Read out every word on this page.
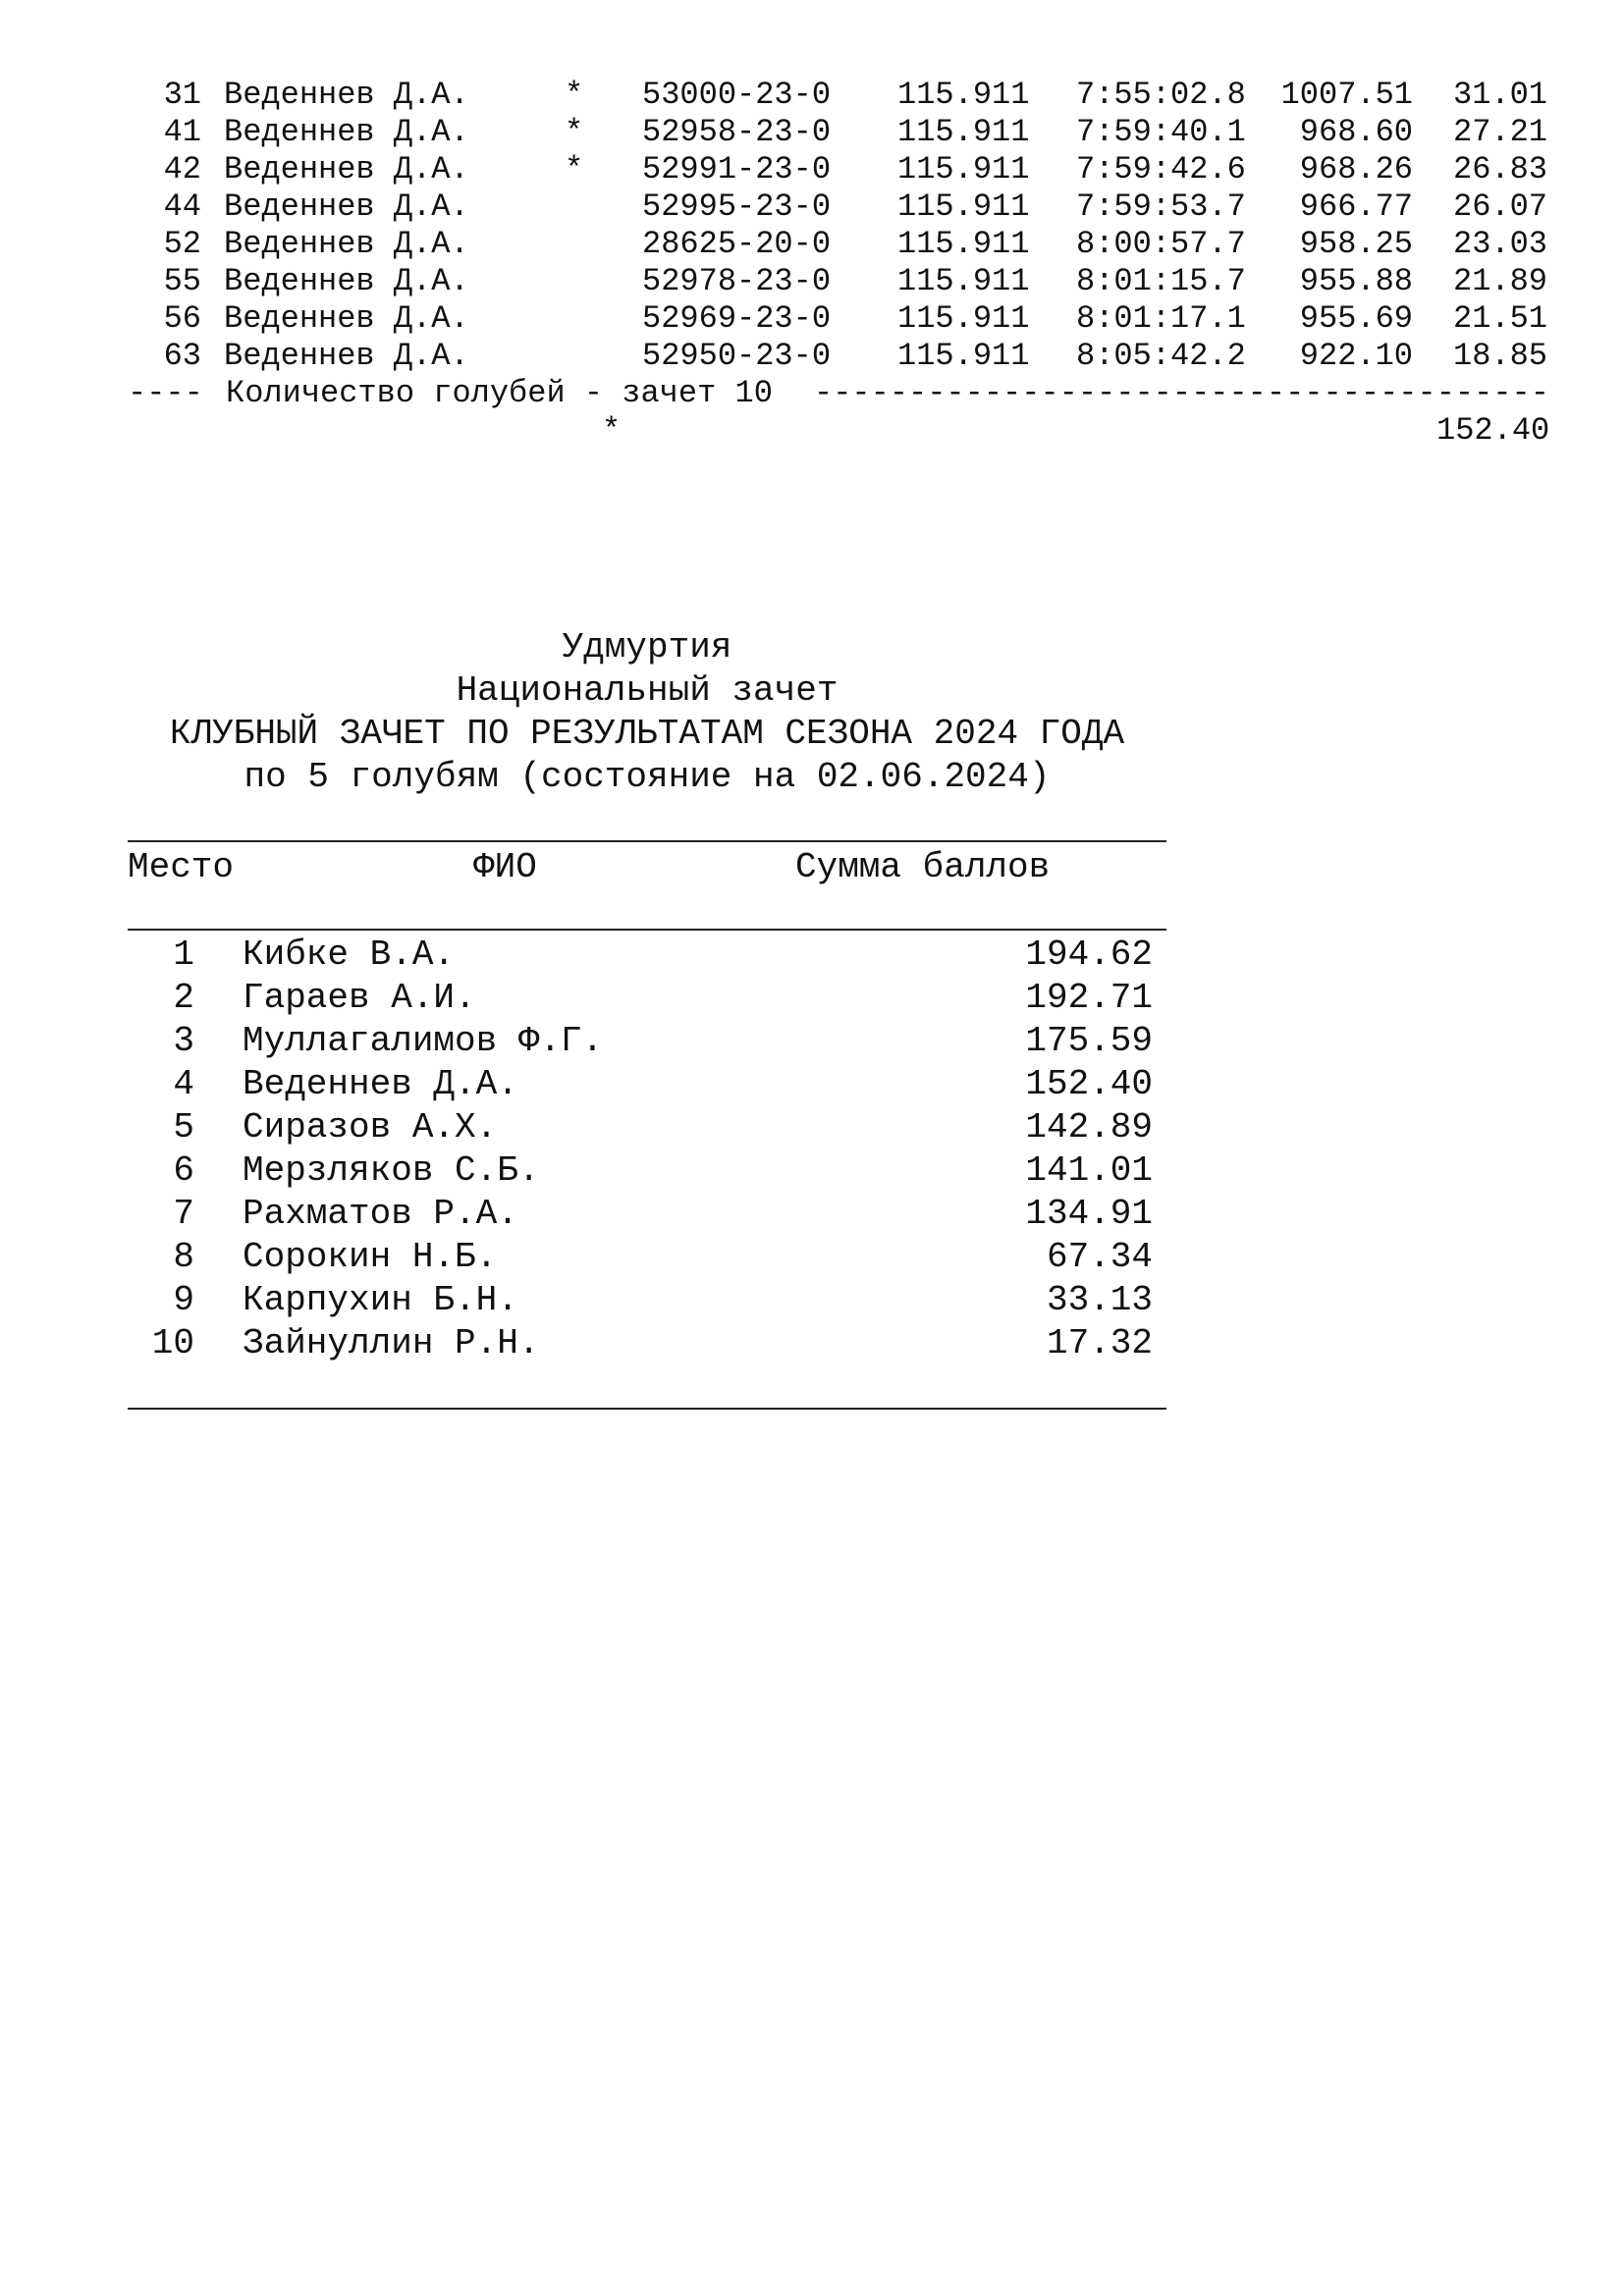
31 Веденнев Д.А.	* 53000-23-0 115.911 7:55:02.8 1007.51	31.01
41 Веденнев Д.А.	* 52958-23-0 115.911 7:59:40.1	968.60	27.21
42 Веденнев Д.А.	* 52991-23-0 115.911 7:59:42.6	968.26	26.83
44 Веденнев Д.А.	52995-23-0 115.911 7:59:53.7	966.77	26.07
52 Веденнев Д.А.	28625-20-0 115.911 8:00:57.7	958.25	23.03
55 Веденнев Д.А.	52978-23-0 115.911 8:01:15.7	955.88	21.89
56 Веденнев Д.А.	52969-23-0 115.911 8:01:17.1	955.69	21.51
63 Веденнев Д.А.	52950-23-0 115.911 8:05:42.2	922.10	18.85
---- Количество голубей - зачет 10 ---------------------------------------
*	152.40
Удмуртия
Национальный зачет
КЛУБНЫЙ ЗАЧЕТ ПО РЕЗУЛЬТАТАМ СЕЗОНА 2024 ГОДА
по 5 голубям (состояние на 02.06.2024)
Место	ФИО	Сумма баллов
1 Кибке В.А.	194.62
2 Гараев А.И.	192.71
3 Муллагалимов Ф.Г.	175.59
4 Веденнев Д.А.	152.40
5 Сиразов А.Х.	142.89
6 Мерзляков С.Б.	141.01
7 Рахматов Р.А.	134.91
8 Сорокин Н.Б.	67.34
9 Карпухин Б.Н.	33.13
10 Зайнуллин Р.Н.	17.32
